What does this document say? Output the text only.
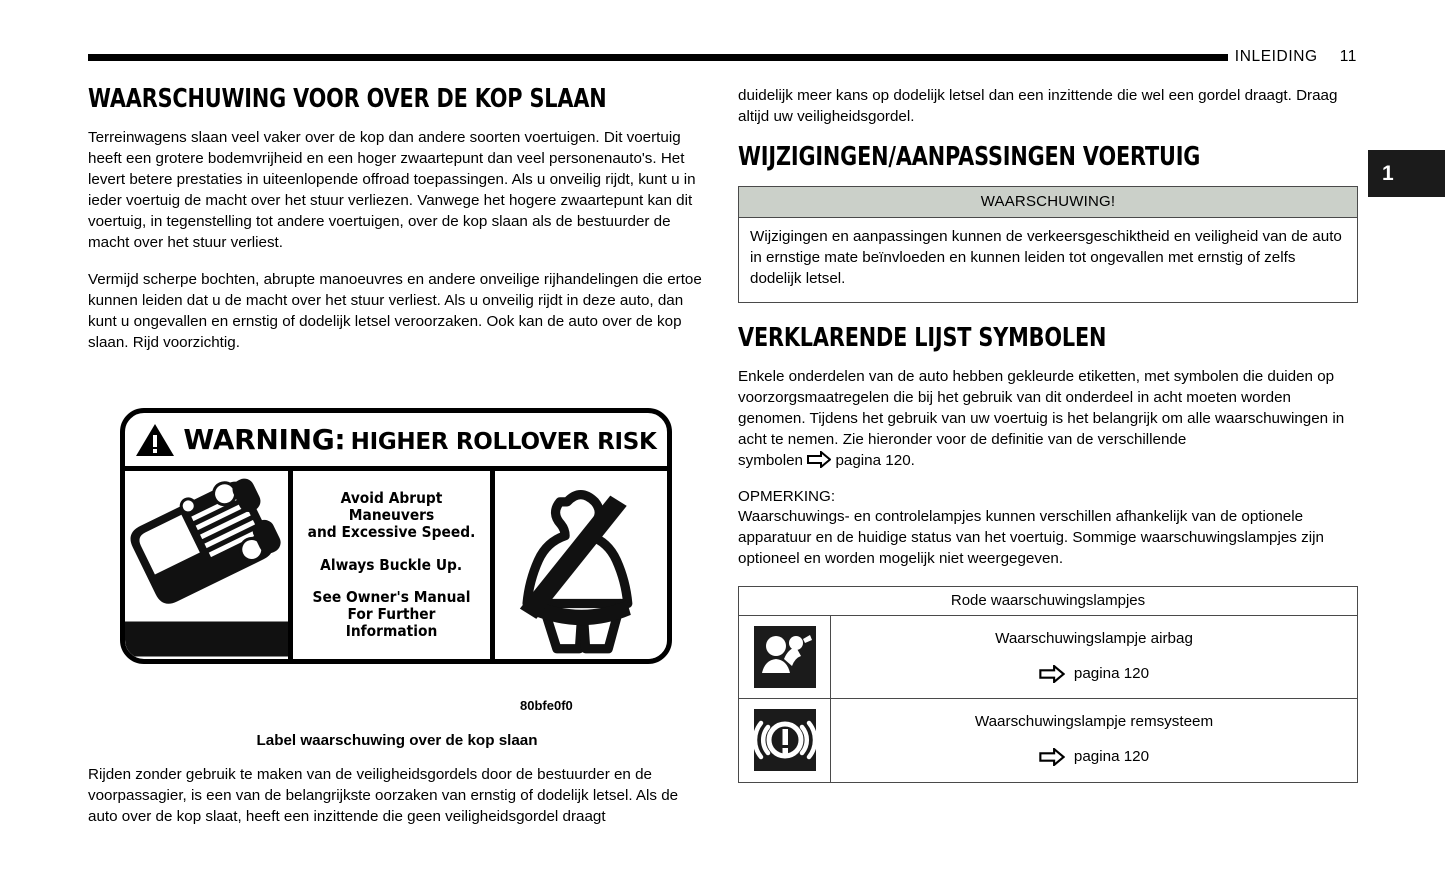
INLEIDING 11
1
WAARSCHUWING VOOR OVER DE KOP SLAAN

Terreinwagens slaan veel vaker over de kop dan andere soorten voertuigen. Dit voertuig heeft een grotere bodemvrijheid en een hoger zwaartepunt dan veel personenauto's. Het levert betere prestaties in uiteenlopende offroad toepassingen. Als u onveilig rijdt, kunt u in ieder voertuig de macht over het stuur verliezen. Vanwege het hogere zwaartepunt kan dit voertuig, in tegenstelling tot andere voertuigen, over de kop slaan als de bestuurder de macht over het stuur verliest.

Vermijd scherpe bochten, abrupte manoeuvres en andere onveilige rijhandelingen die ertoe kunnen leiden dat u de macht over het stuur verliest. Als u onveilig rijdt in deze auto, dan kunt u ongevallen en ernstig of dodelijk letsel veroorzaken. Ook kan de auto over de kop slaan. Rijd voorzichtig.

WARNING: HIGHER ROLLOVER RISK
Avoid Abrupt Maneuvers
and Excessive Speed.
Always Buckle Up.
See Owner's Manual
For Further Information
80bfe0f0
Label waarschuwing over de kop slaan

Rijden zonder gebruik te maken van de veiligheidsgordels door de bestuurder en de voorpassagier, is een van de belangrijkste oorzaken van ernstig of dodelijk letsel. Als de auto over de kop slaat, heeft een inzittende die geen veiligheidsgordel draagt

duidelijk meer kans op dodelijk letsel dan een inzittende die wel een gordel draagt. Draag altijd uw veiligheidsgordel.

WIJZIGINGEN/AANPASSINGEN VOERTUIG
WAARSCHUWING!
Wijzigingen en aanpassingen kunnen de verkeersgeschiktheid en veiligheid van de auto in ernstige mate beïnvloeden en kunnen leiden tot ongevallen met ernstig of zelfs dodelijk letsel.
VERKLARENDE LIJST SYMBOLEN

Enkele onderdelen van de auto hebben gekleurde etiketten, met symbolen die duiden op voorzorgsmaatregelen die bij het gebruik van dit onderdeel in acht moeten worden genomen. Tijdens het gebruik van uw voertuig is het belangrijk om alle waarschuwingen in acht te nemen. Zie hieronder voor de definitie van de verschillende symbolen pagina 120.

OPMERKING:

Waarschuwings- en controlelampjes kunnen verschillen afhankelijk van de optionele apparatuur en de huidige status van het voertuig. Sommige waarschuwingslampjes zijn optioneel en worden mogelijk niet weergegeven.

Rode waarschuwingslampjes	

Waarschuwingslampje airbag
pagina 120

Waarschuwingslampje remsysteem
pagina 120
